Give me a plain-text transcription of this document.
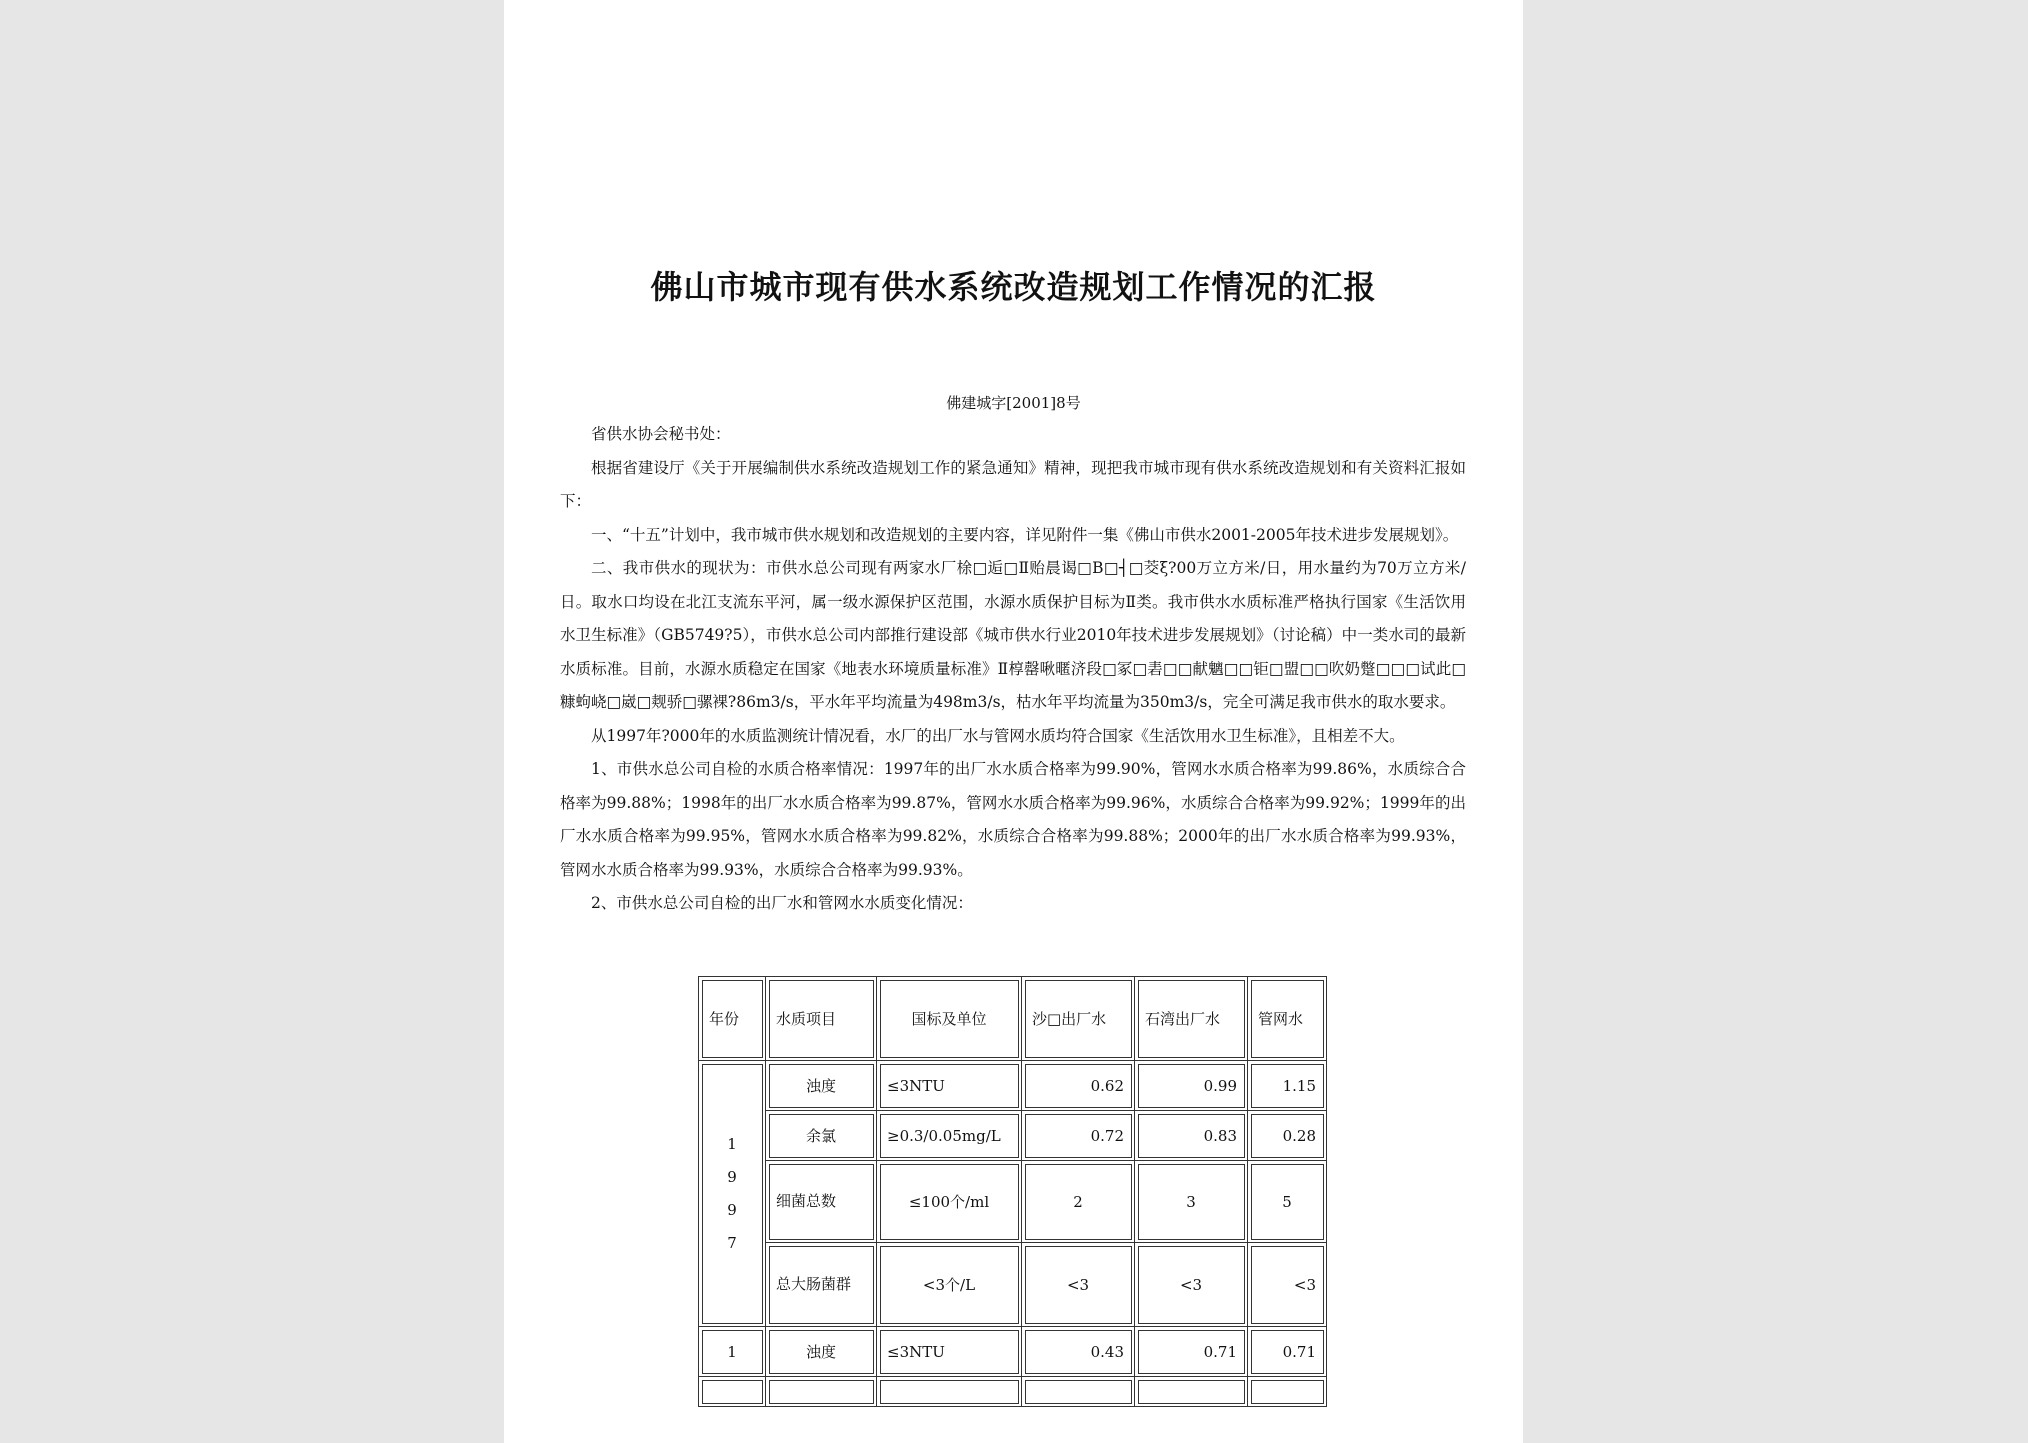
佛山市城市现有供水系统改造规划工作情况的汇报
佛建城字[2001]8号

省供水协会秘书处：

根据省建设厅《关于开展编制供水系统改造规划工作的紧急通知》精神，现把我市城市现有供水系统改造规划和有关资料汇报如下：

一、“十五”计划中，我市城市供水规划和改造规划的主要内容，详见附件一集《佛山市供水2001-2005年技术进步发展规划》。

二、我市供水的现状为：市供水总公司现有两家水厂梌□逅□Ⅱ贻晨谒□B□┤□茭ξ?00万立方米/日，用水量约为70万立方米/日。取水口均设在北江支流东平河，属一级水源保护区范围，水源水质保护目标为Ⅱ类。我市供水水质标准严格执行国家《生活饮用水卫生标准》（GB5749?5），市供水总公司内部推行建设部《城市供水行业2010年技术进步发展规划》（讨论稿）中一类水司的最新水质标准。目前，水源水质稳定在国家《地表水环境质量标准》Ⅱ椁罄啾暱济段□冢□砉□□献魑□□钜□盟□□吹奶蹩□□□试此□糠蚼峣□崴□觌骄□骡裸?86m3/s，平水年平均流量为498m3/s，枯水年平均流量为350m3/s，完全可满足我市供水的取水要求。

从1997年?000年的水质监测统计情况看，水厂的出厂水与管网水质均符合国家《生活饮用水卫生标准》，且相差不大。

1、市供水总公司自检的水质合格率情况：1997年的出厂水水质合格率为99.90%，管网水水质合格率为99.86%，水质综合合格率为99.88%；1998年的出厂水水质合格率为99.87%，管网水水质合格率为99.96%，水质综合合格率为99.92%；1999年的出厂水水质合格率为99.95%，管网水水质合格率为99.82%，水质综合合格率为99.88%；2000年的出厂水水质合格率为99.93%，管网水水质合格率为99.93%，水质综合合格率为99.93%。

2、市供水总公司自检的出厂水和管网水水质变化情况：

年份	水质项目	国标及单位	沙□出厂水	石湾出厂水	管网水
1997	浊度	≤3NTU	0.62	0.99	1.15
	余氯	≥0.3/0.05mg/L	0.72	0.83	0.28
	细菌总数	≤100个/ml	2	3	5
	总大肠菌群	<3个/L	<3	<3	<3
1	浊度	≤3NTU	0.43	0.71	0.71
